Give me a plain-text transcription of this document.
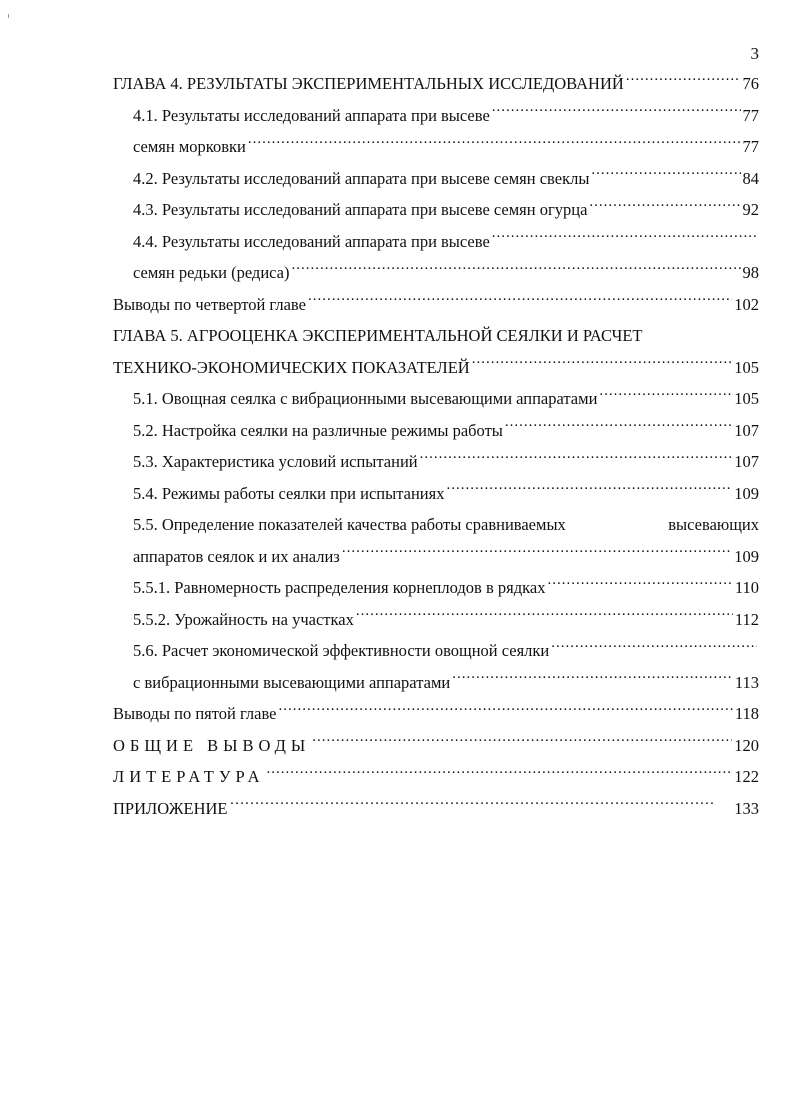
3
ГЛАВА 4. РЕЗУЛЬТАТЫ ЭКСПЕРИМЕНТАЛЬНЫХ ИССЛЕДОВАНИЙ .....	76
4.1. Результаты исследований аппарата при высеве .....	77
семян морковки .....	77
4.2. Результаты исследований аппарата при высеве семян свеклы .....	84
4.3. Результаты исследований аппарата при высеве семян огурца .....	92
4.4. Результаты исследований аппарата при высеве
.....
семян редьки (редиса) .....	98
Выводы по четвертой главе .....	102
ГЛАВА 5. АГРООЦЕНКА ЭКСПЕРИМЕНТАЛЬНОЙ СЕЯЛКИ И РАСЧЕТ
ТЕХНИКО-ЭКОНОМИЧЕСКИХ ПОКАЗАТЕЛЕЙ .....	105
5.1. Овощная сеялка с вибрационными высевающими аппаратами .....	105
5.2. Настройка сеялки на различные режимы работы .....	107
5.3. Характеристика условий испытаний .....	107
5.4. Режимы работы сеялки при испытаниях .....	109
5.5. Определение показателей качества работы сравниваемых	высевающих
аппаратов сеялок и их анализ .....	109
5.5.1. Равномерность распределения корнеплодов в рядках .....	110
5.5.2. Урожайность на участках .....	112
5.6. Расчет экономической эффективности овощной сеялки
.....
с вибрационными высевающими аппаратами .....	113
Выводы по пятой главе .....	118
ОБЩИЕ ВЫВОДЫ .....	120
ЛИТЕРАТУРА .....	122
ПРИЛОЖЕНИЕ …………………………………………………………………………………………………………	133
